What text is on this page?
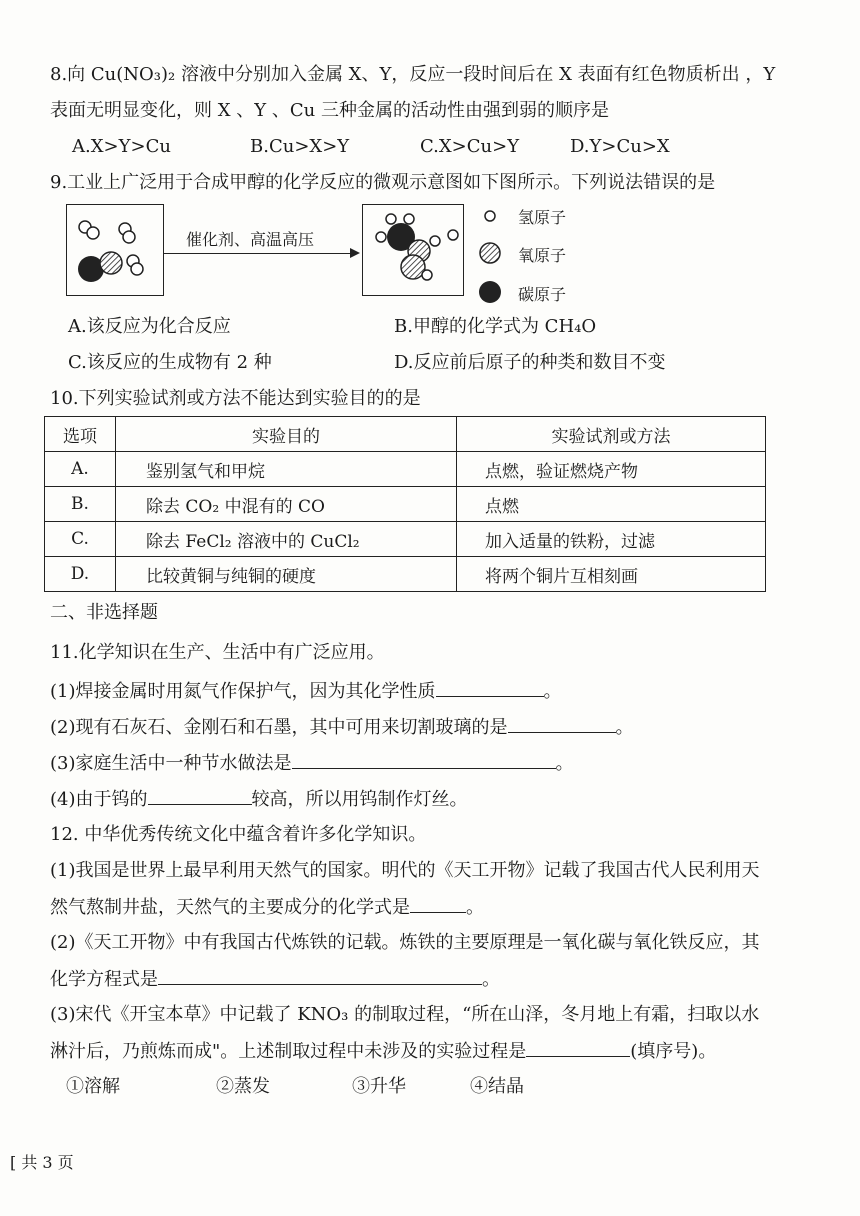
8.向 Cu(NO₃)₂ 溶液中分别加入金属 X、Y，反应一段时间后在 X 表面有红色物质析出 ，Y
表面无明显变化，则 X 、Y 、Cu 三种金属的活动性由强到弱的顺序是
A.X>Y>Cu	B.Cu>X>Y	C.X>Cu>Y	D.Y>Cu>X
9.工业上广泛用于合成甲醇的化学反应的微观示意图如下图所示。下列说法错误的是
催化剂、高温高压
氢原子
氧原子
碳原子
A.该反应为化合反应	B.甲醇的化学式为 CH₄O
C.该反应的生成物有 2 种	D.反应前后原子的种类和数目不变
10.下列实验试剂或方法不能达到实验目的的是
选项	实验目的	实验试剂或方法
A.	鉴别氢气和甲烷	点燃，验证燃烧产物
B.	除去 CO₂ 中混有的 CO	点燃
C.	除去 FeCl₂ 溶液中的 CuCl₂	加入适量的铁粉，过滤
D.	比较黄铜与纯铜的硬度	将两个铜片互相刻画
二、非选择题
11.化学知识在生产、生活中有广泛应用。
(1)焊接金属时用氮气作保护气，因为其化学性质	。
(2)现有石灰石、金刚石和石墨，其中可用来切割玻璃的是	。
(3)家庭生活中一种节水做法是	。
(4)由于钨的	较高，所以用钨制作灯丝。
12. 中华优秀传统文化中蕴含着许多化学知识。
(1)我国是世界上最早利用天然气的国家。明代的《天工开物》记载了我国古代人民利用天
然气熬制井盐，天然气的主要成分的化学式是	。
(2)《天工开物》中有我国古代炼铁的记载。炼铁的主要原理是一氧化碳与氧化铁反应，其
化学方程式是	。
(3)宋代《开宝本草》中记载了 KNO₃ 的制取过程，“所在山泽，冬月地上有霜，扫取以水
淋汁后，乃煎炼而成"。上述制取过程中未涉及的实验过程是	(填序号)。
①溶解	②蒸发	③升华	④结晶
[ 共 3 页
